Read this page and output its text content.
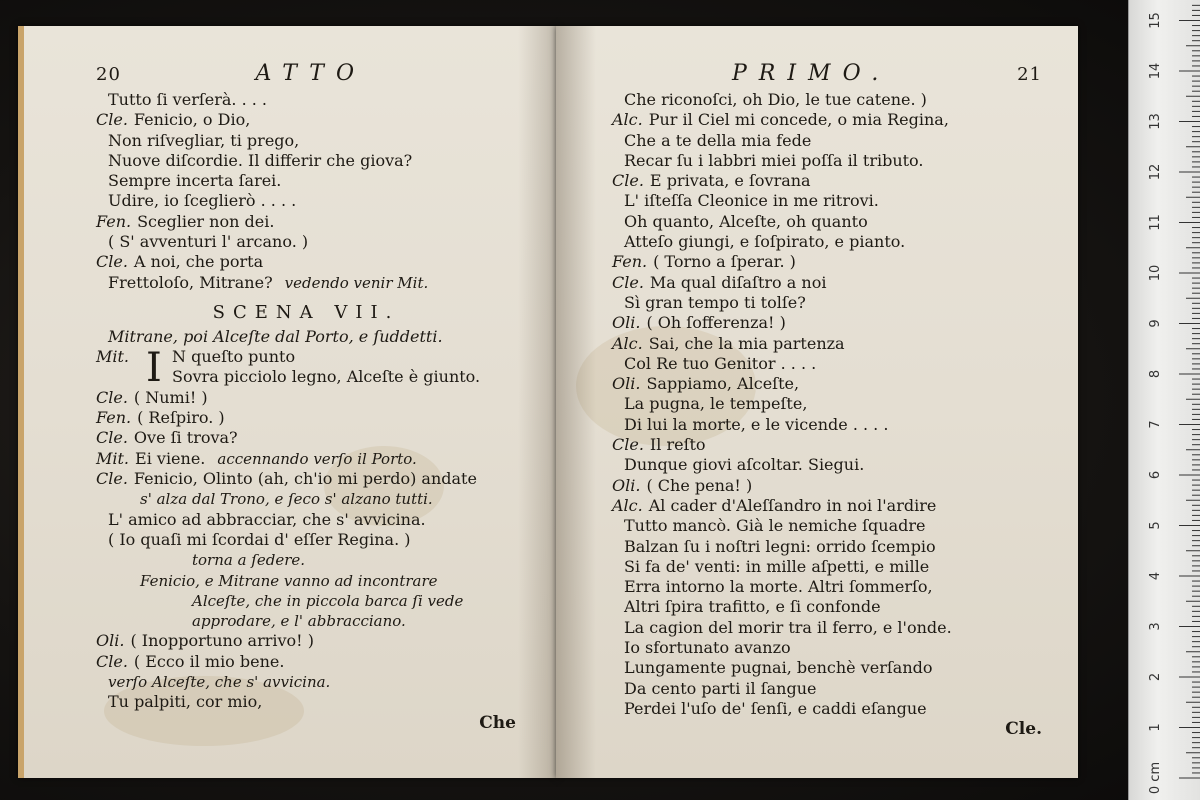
20	ATTO
Tutto ſi verſerà. . . .
Cle. Fenicio, o Dio,
Non riſvegliar, ti prego,
Nuove diſcordie. Il differir che giova?
Sempre incerta ſarei.
Udire, io ſceglierò . . . .
Fen. Sceglier non dei.
( S' avventuri l' arcano. )
Cle. A noi, che porta
Frettoloſo, Mitrane? vedendo venir Mit.
SCENA VII.
Mitrane, poi Alceſte dal Porto, e ſuddetti.
Mit. I N queſto punto
Sovra picciolo legno, Alceſte è giunto.
Cle. ( Numi! )
Fen. ( Reſpiro. )
Cle. Ove ſi trova?
Mit. Ei viene. accennando verſo il Porto.
Cle. Fenicio, Olinto (ah, ch'io mi perdo) andate
s' alza dal Trono, e ſeco s' alzano tutti.
L' amico ad abbracciar, che s' avvicina.
( Io quaſi mi ſcordai d' eſſer Regina. )
torna a ſedere.
Fenicio, e Mitrane vanno ad incontrare
Alceſte, che in piccola barca ſi vede
approdare, e l' abbracciano.
Oli. ( Inopportuno arrivo! )
Cle. ( Ecco il mio bene.
verſo Alceſte, che s' avvicina.
Tu palpiti, cor mio,
Che
PRIMO.	21
Che riconoſci, oh Dio, le tue catene. )
Alc. Pur il Ciel mi concede, o mia Regina,
Che a te della mia fede
Recar ſu i labbri miei poſſa il tributo.
Cle. E privata, e ſovrana
L' iſteſſa Cleonice in me ritrovi.
Oh quanto, Alceſte, oh quanto
Atteſo giungi, e ſoſpirato, e pianto.
Fen. ( Torno a ſperar. )
Cle. Ma qual diſaſtro a noi
Sì gran tempo ti tolſe?
Oli. ( Oh ſofferenza! )
Alc. Sai, che la mia partenza
Col Re tuo Genitor . . . .
Oli. Sappiamo, Alceſte,
La pugna, le tempeſte,
Di lui la morte, e le vicende . . . .
Cle. Il reſto
Dunque giovi aſcoltar. Siegui.
Oli. ( Che pena! )
Alc. Al cader d'Aleſſandro in noi l'ardire
Tutto mancò. Già le nemiche ſquadre
Balzan ſu i noſtri legni: orrido ſcempio
Si fa de' venti: in mille aſpetti, e mille
Erra intorno la morte. Altri ſommerſo,
Altri ſpira trafitto, e ſi confonde
La cagion del morir tra il ferro, e l'onde.
Io sfortunato avanzo
Lungamente pugnai, benchè verſando
Da cento parti il ſangue
Perdei l'uſo de' ſenſi, e caddi eſangue
Cle.
0 cm
1
2
3
4
5
6
7
8
9
10
11
12
13
14
15
